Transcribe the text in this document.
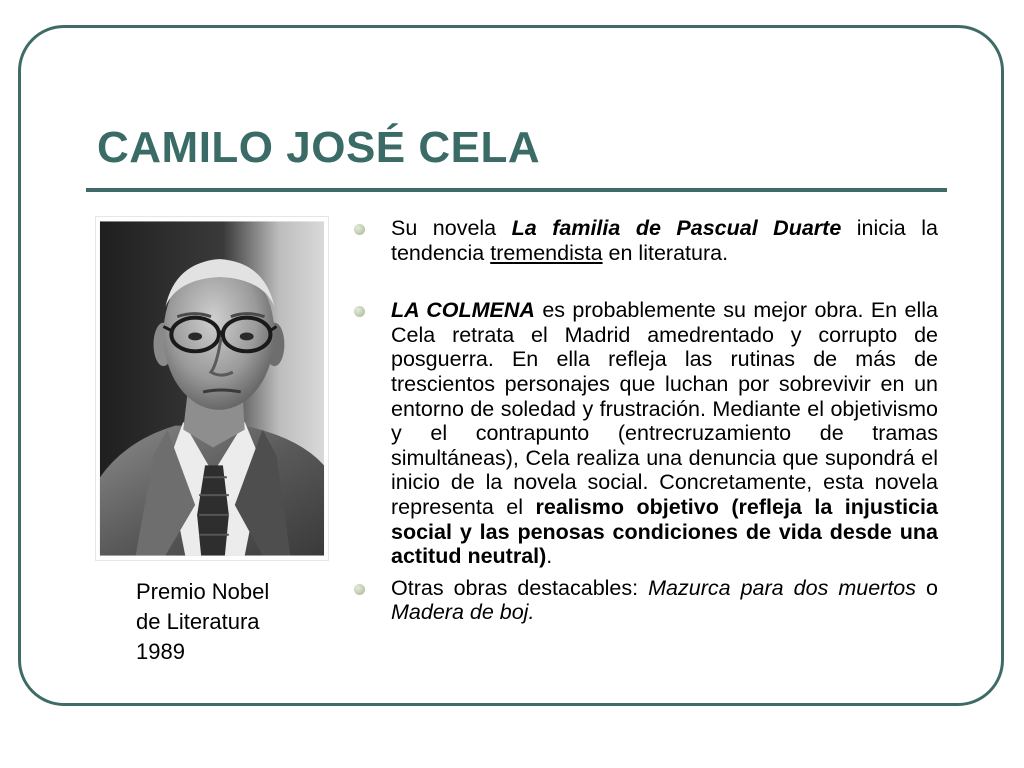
CAMILO JOSÉ CELA
Premio Nobel
de Literatura
1989
Su novela La familia de Pascual Duarte inicia la tendencia tremendista en literatura.
LA COLMENA es probablemente su mejor obra. En ella Cela retrata el Madrid amedrentado y corrupto de posguerra. En ella refleja las rutinas de más de trescientos personajes que luchan por sobrevivir en un entorno de soledad y frustración. Mediante el objetivismo y el contrapunto (entrecruzamiento de tramas simultáneas), Cela realiza una denuncia que supondrá el inicio de la novela social. Concretamente, esta novela representa el realismo objetivo (refleja la injusticia social y las penosas condiciones de vida desde una actitud neutral).
Otras obras destacables: Mazurca para dos muertos o Madera de boj.
